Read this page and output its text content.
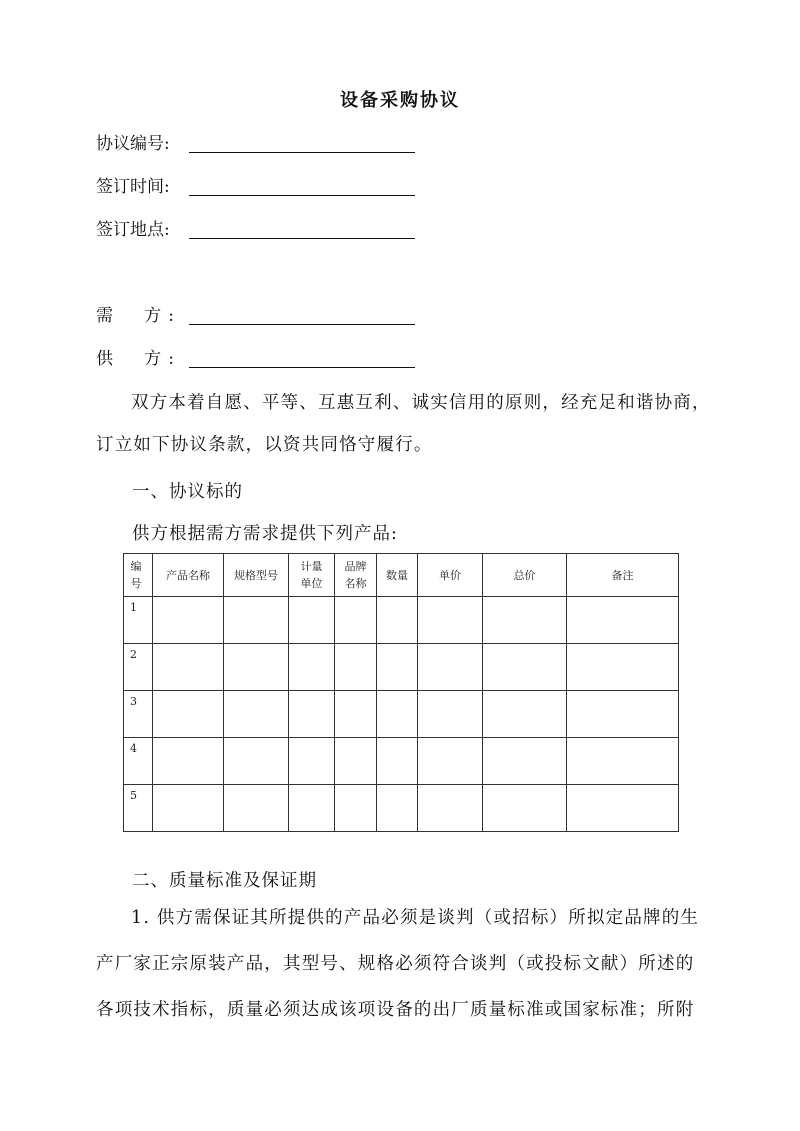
设备采购协议
协议编号:
签订时间:
签订地点:
需　方:
供　方:
双方本着自愿、平等、互惠互利、诚实信用的原则，经充足和谐协商，
订立如下协议条款，以资共同恪守履行。
一、协议标的
供方根据需方需求提供下列产品:
编号	产品名称	规格型号	计量单位	品牌名称	数量	单价	总价	备注
1								
2								
3								
4								
5								
二、质量标准及保证期
1. 供方需保证其所提供的产品必须是谈判（或招标）所拟定品牌的生
产厂家正宗原装产品，其型号、规格必须符合谈判（或投标文献）所述的
各项技术指标，质量必须达成该项设备的出厂质量标准或国家标准；所附
